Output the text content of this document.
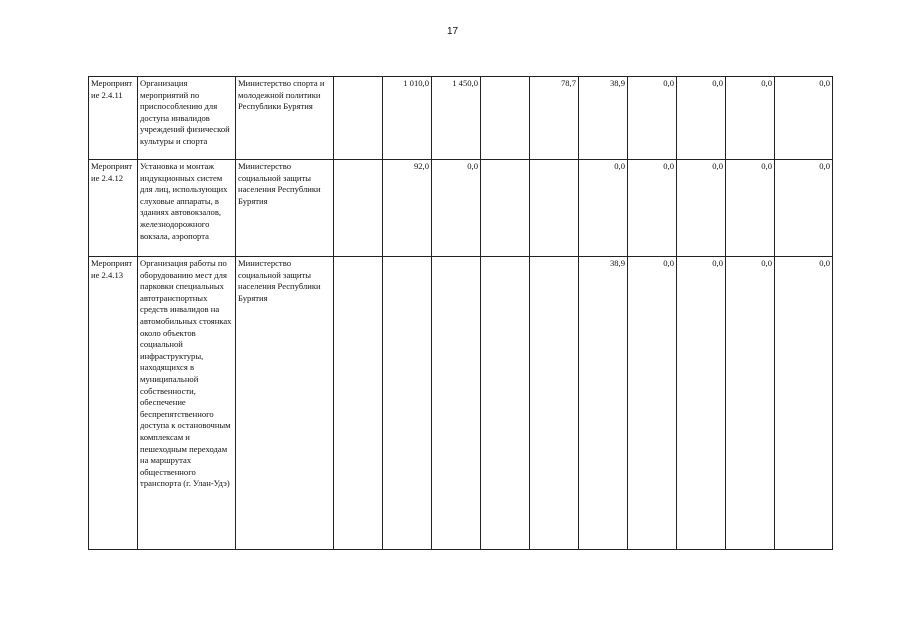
17
Мероприятие 2.4.11	Организация мероприятий по приспособлению для доступа инвалидов учреждений физической культуры и спорта	Министерство спорта и молодежной политики Республики Бурятия		1 010,0	1 450,0		78,7	38,9	0,0	0,0	0,0	0,0
Мероприятие 2.4.12	Установка и монтаж индукционных систем для лиц, использующих слуховые аппараты, в зданиях автовокзалов, железнодорожного вокзала, аэропорта	Министерство социальной защиты населения Республики Бурятия		92,0	0,0			0,0	0,0	0,0	0,0	0,0
Мероприятие 2.4.13	Организация работы по оборудованию мест для парковки специальных автотранспортных средств инвалидов на автомобильных стоянках около объектов социальной инфраструктуры, находящихся в муниципальной собственности, обеспечение беспрепятственного доступа к остановочным комплексам и пешеходным переходам на маршрутах общественного транспорта (г. Улан-Удэ)	Министерство социальной защиты населения Республики Бурятия						38,9	0,0	0,0	0,0	0,0
